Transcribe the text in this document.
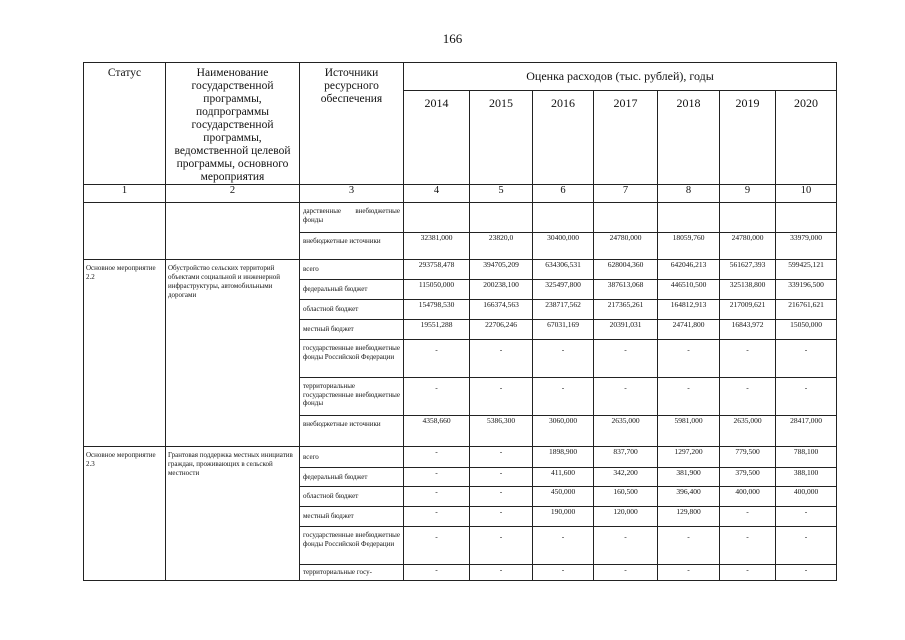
166
Статус	Наименование государственной программы, подпрограммы государственной программы, ведомственной целевой программы, основного мероприятия	Источники ресурсного обеспечения	Оценка расходов (тыс. рублей), годы						
			2014	2015	2016	2017	2018	2019	2020
1	2	3	4	5	6	7	8	9	10
		дарственные внебюджетные фонды							
		внебюджетные источники	32381,000	23820,0	30400,000	24780,000	18059,760	24780,000	33979,000
Основное мероприятие 2.2	Обустройство сельских территорий объектами социальной и инженерной инфраструктуры, автомобильными дорогами	всего	293758,478	394705,209	634306,531	628004,360	642046,213	561627,393	599425,121
		федеральный бюджет	115050,000	200238,100	325497,800	387613,068	446510,500	325138,800	339196,500
		областной бюджет	154798,530	166374,563	238717,562	217365,261	164812,913	217009,621	216761,621
		местный бюджет	19551,288	22706,246	67031,169	20391,031	24741,800	16843,972	15050,000
		государственные внебюджетные фонды Российской Федерации	-	-	-	-	-	-	-
		территориальные государственные внебюджетные фонды	-	-	-	-	-	-	-
		внебюджетные источники	4358,660	5386,300	3060,000	2635,000	5981,000	2635,000	28417,000
Основное мероприятие 2.3	Грантовая поддержка местных инициатив граждан, проживающих в сельской местности	всего	-	-	1898,900	837,700	1297,200	779,500	788,100
		федеральный бюджет	-	-	411,600	342,200	381,900	379,500	388,100
		областной бюджет	-	-	450,000	160,500	396,400	400,000	400,000
		местный бюджет	-	-	190,000	120,000	129,800	-	-
		государственные внебюджетные фонды Российской Федерации	-	-	-	-	-	-	-
		территориальные госу-	-	-	-	-	-	-	-
